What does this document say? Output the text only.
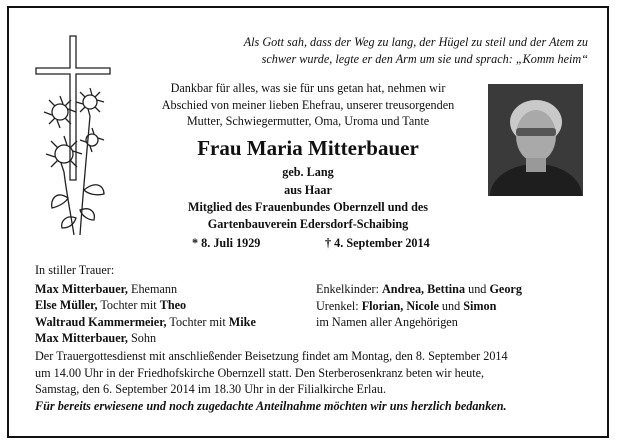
Als Gott sah, dass der Weg zu lang, der Hügel zu steil und der Atem zu
schwer wurde, legte er den Arm um sie und sprach: „Komm heim“
Dankbar für alles, was sie für uns getan hat, nehmen wir
Abschied von meiner lieben Ehefrau, unserer treusorgenden
Mutter, Schwiegermutter, Oma, Uroma und Tante
Frau Maria Mitterbauer
geb. Lang
aus Haar
Mitglied des Frauenbundes Obernzell und des
Gartenbauverein Edersdorf-Schaibing
* 8. Juli 1929	† 4. September 2014
In stiller Trauer:
Max Mitterbauer, Ehemann
Else Müller, Tochter mit Theo
Waltraud Kammermeier, Tochter mit Mike
Max Mitterbauer, Sohn
Enkelkinder: Andrea, Bettina und Georg
Urenkel: Florian, Nicole und Simon
im Namen aller Angehörigen
Der Trauergottesdienst mit anschließender Beisetzung findet am Montag, den 8. September 2014
um 14.00 Uhr in der Friedhofskirche Obernzell statt. Den Sterberosenkranz beten wir heute,
Samstag, den 6. September 2014 im 18.30 Uhr in der Filialkirche Erlau.
Für bereits erwiesene und noch zugedachte Anteilnahme möchten wir uns herzlich bedanken.
